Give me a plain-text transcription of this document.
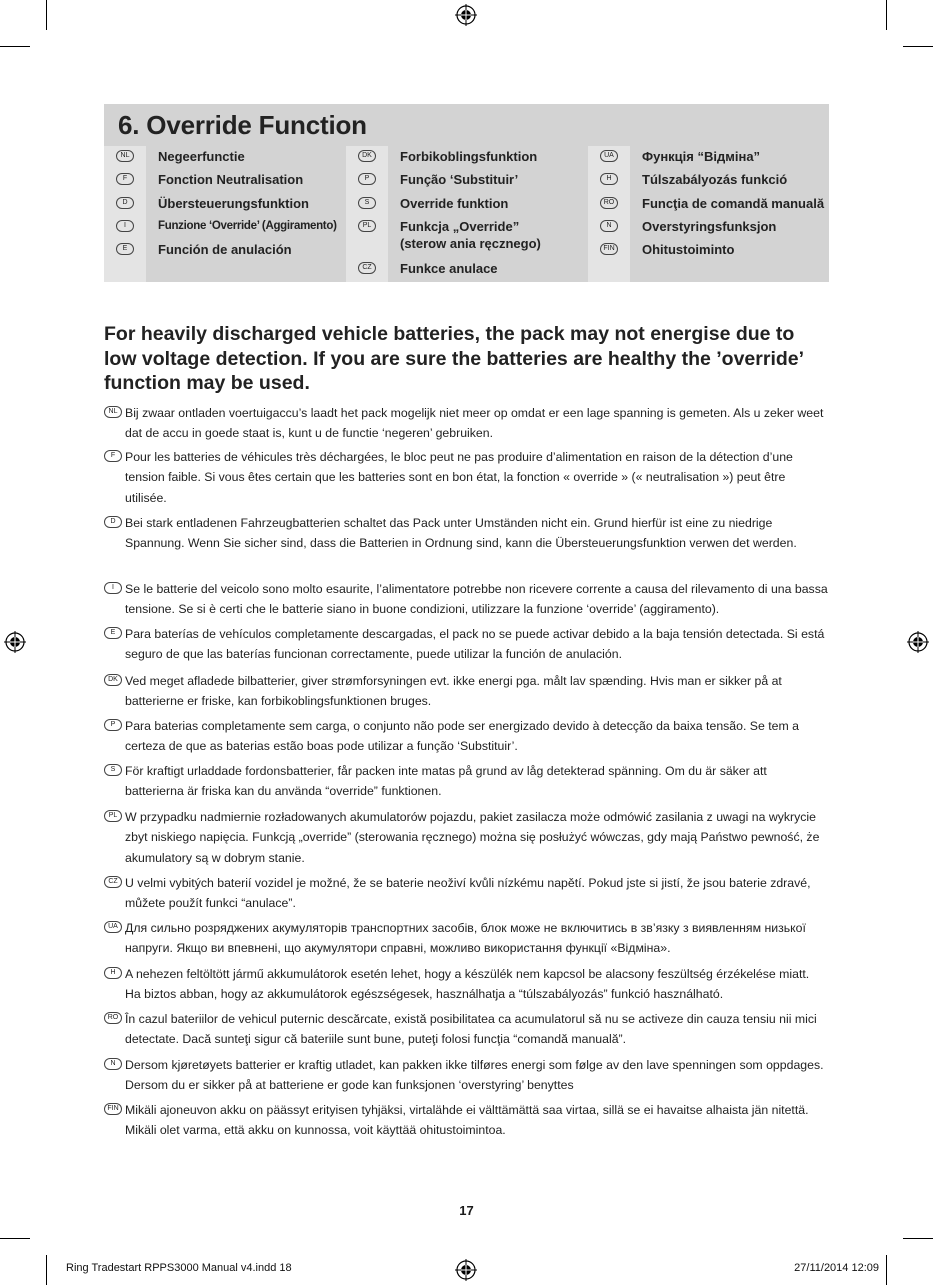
6. Override Function
NL	Negeerfunctie
F	Fonction Neutralisation
D	Übersteuerungsfunktion
I	Funzione ‘Override’ (Aggiramento)
E	Función de anulación
DK	Forbikoblingsfunktion
P	Função ‘Substituir’
S	Override funktion
PL	Funkcja „Override”
(sterow ania ręcznego)
CZ	Funkce anulace
UA	Функція “Відміна”
H	Túlszabályozás funkció
RO Funcţia de comandă manuală
N	Overstyringsfunksjon
FIN Ohitustoiminto

For heavily discharged vehicle batteries, the pack may not energise due to low voltage detection. If you are sure the batteries are healthy the ’override’ function may be used.

NL Bij zwaar ontladen voertuigaccu’s laadt het pack mogelijk niet meer op omdat er een lage spanning is gemeten. Als u zeker weet dat de accu in goede staat is, kunt u de functie ‘negeren’ gebruiken.
F Pour les batteries de véhicules très déchargées, le bloc peut ne pas produire d’alimentation en raison de la détection d’une tension faible. Si vous êtes certain que les batteries sont en bon état, la fonction « override » (« neutralisation ») peut être utilisée.
D Bei stark entladenen Fahrzeugbatterien schaltet das Pack unter Umständen nicht ein. Grund hierfür ist eine zu niedrige Spannung. Wenn Sie sicher sind, dass die Batterien in Ordnung sind, kann die Übersteuerungsfunktion verwen det werden.
I Se le batterie del veicolo sono molto esaurite, l’alimentatore potrebbe non ricevere corrente a causa del rilevamento di una bassa tensione. Se si è certi che le batterie siano in buone condizioni, utilizzare la funzione ‘override’ (aggiramento).
E Para baterías de vehículos completamente descargadas, el pack no se puede activar debido a la baja tensión detectada. Si está seguro de que las baterías funcionan correctamente, puede utilizar la función de anulación.
DK Ved meget afladede bilbatterier, giver strømforsyningen evt. ikke energi pga. målt lav spænding. Hvis man er sikker på at batterierne er friske, kan forbikoblingsfunktionen bruges.
P Para baterias completamente sem carga, o conjunto não pode ser energizado devido à detecção da baixa tensão. Se tem a certeza de que as baterias estão boas pode utilizar a função ‘Substituir’.
S För kraftigt urladdade fordonsbatterier, får packen inte matas på grund av låg detekterad spänning. Om du är säker att batterierna är friska kan du använda “override” funktionen.
PL W przypadku nadmiernie rozładowanych akumulatorów pojazdu, pakiet zasilacza może odmówić zasilania z uwagi na wykrycie zbyt niskiego napięcia. Funkcją „override” (sterowania ręcznego) można się posłużyć wówczas, gdy mają Państwo pewność, że akumulatory są w dobrym stanie.
CZ U velmi vybitých baterií vozidel je možné, že se baterie neoživí kvůli nízkému napětí. Pokud jste si jistí, že jsou baterie zdravé, můžete použít funkci “anulace”.
UA Для сильно розряджених акумуляторів транспортних засобів, блок може не включитись в зв’язку з виявленням низької напруги. Якщо ви впевнені, що акумулятори справні, можливо використання функції «Відміна».
H A nehezen feltöltött jármű akkumulátorok esetén lehet, hogy a készülék nem kapcsol be alacsony feszültség érzékelése miatt. Ha biztos abban, hogy az akkumulátorok egészségesek, használhatja a “túlszabályozás” funkció használható.
RO În cazul bateriilor de vehicul puternic descărcate, există posibilitatea ca acumulatorul să nu se activeze din cauza tensiu nii mici detectate. Dacă sunteţi sigur că bateriile sunt bune, puteţi folosi funcţia “comandă manuală”.
N Dersom kjøretøyets batterier er kraftig utladet, kan pakken ikke tilføres energi som følge av den lave spenningen som oppdages. Dersom du er sikker på at batteriene er gode kan funksjonen ‘overstyring’ benyttes
FIN Mikäli ajoneuvon akku on päässyt erityisen tyhjäksi, virtalähde ei välttämättä saa virtaa, sillä se ei havaitse alhaista jän nitettä. Mikäli olet varma, että akku on kunnossa, voit käyttää ohitustoimintoa.
17
Ring Tradestart RPPS3000 Manual v4.indd 18	27/11/2014 12:09
